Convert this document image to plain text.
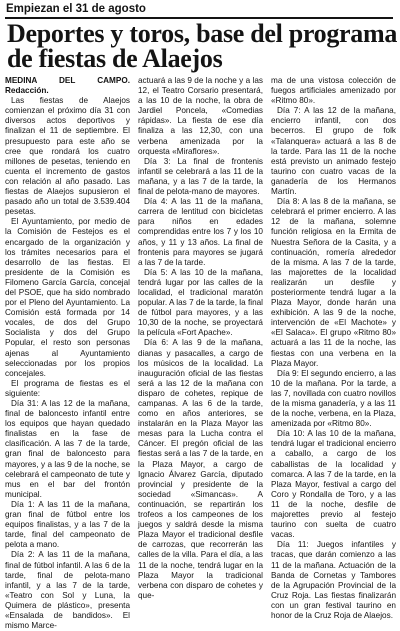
Empiezan el 31 de agosto
Deportes y toros, base del programa
de fiestas de Alaejos

MEDINA DEL CAMPO. Redacción.

Las fiestas de Alaejos comienzan el próximo día 31 con diversos actos deportivos y finalizan el 11 de septiembre. El presupuesto para este año se cree que rondará los cuatro millones de pesetas, teniendo en cuenta el incremento de gastos con relación al año pasado. Las fiestas de Alaejos supusieron el pasado año un total de 3.539.404 pesetas.

El Ayuntamiento, por medio de la Comisión de Festejos es el encargado de la organización y los trámites necesarios para el desarrollo de las fiestas. El presidente de la Comisión es Filomeno García García, concejal del PSOE, que ha sido nombrado por el Pleno del Ayuntamiento. La Comisión está formada por 14 vocales, de dos del Grupo Socialista y dos del Grupo Popular, el resto son personas ajenas al Ayuntamiento seleccionadas por los propios concejales.

El programa de fiestas es el siguiente:

Día 31: A las 12 de la mañana, final de baloncesto infantil entre los equipos que hayan quedado finalistas en la fase de clasificación. A las 7 de la tarde, gran final de baloncesto para mayores, y a las 9 de la noche, se celebrará el campeonato de tute y mus en el bar del frontón municipal.

Día 1: A las 11 de la mañana, gran final de fútbol entre los equipos finalistas, y a las 7 de la tarde, final del campeonato de pelota a mano.

Día 2: A las 11 de la mañana, final de fútbol infantil. A las 6 de la tarde, final de pelota-mano infantil, y a las 7 de la tarde, «Teatro con Sol y Luna, la Quimera de plástico», presenta «Ensalada de bandidos». El mismo Marce-

actuará a las 9 de la noche y a las 12, el Teatro Corsario presentará, a las 10 de la noche, la obra de Jardiel Poncela, «Comedias rápidas». La fiesta de ese día finaliza a las 12,30, con una verbena amenizada por la orquesta «Miraflores».

Día 3: La final de frontenis infantil se celebrará a las 11 de la mañana, y a las 7 de la tarde, la final de pelota-mano de mayores.

Día 4: A las 11 de la mañana, carrera de lentitud con bicicletas para niños en edades comprendidas entre los 7 y los 10 años, y 11 y 13 años. La final de frontenis para mayores se jugará a las 7 de la tarde.

Día 5: A las 10 de la mañana, tendrá lugar por las calles de la localidad, el tradicional maratón popular. A las 7 de la tarde, la final de fútbol para mayores, y a las 10,30 de la noche, se proyectará la película «Fort Apache».

Día 6: A las 9 de la mañana, dianas y pasacalles, a cargo de los músicos de la localidad. La inauguración oficial de las fiestas será a las 12 de la mañana con disparo de cohetes, repique de campanas. A las 6 de la tarde, como en años anteriores, se instalarán en la Plaza Mayor las mesas para la Lucha contra el Cáncer. El pregón oficial de las fiestas será a las 7 de la tarde, en la Plaza Mayor, a cargo de Ignacio Álvarez García, diputado provincial y presidente de la sociedad «Simancas». A continuación, se repartirán los trofeos a los campeones de los juegos y saldrá desde la misma Plaza Mayor el tradicional desfile de carrozas, que recorrerán las calles de la villa. Para el día, a las 11 de la noche, tendrá lugar en la Plaza Mayor la tradicional verbena con disparo de cohetes y que-

ma de una vistosa colección de fuegos artificiales amenizado por «Ritmo 80».

Día 7: A las 12 de la mañana, encierro infantil, con dos becerros. El grupo de folk «Talanquera» actuará a las 8 de la tarde. Para las 11 de la noche está previsto un animado festejo taurino con cuatro vacas de la ganadería de los Hermanos Martín.

Día 8: A las 8 de la mañana, se celebrará el primer encierro. A las 12 de la mañana, solemne función religiosa en la Ermita de Nuestra Señora de la Casita, y a continuación, romería alrededor de la misma. A las 7 de la tarde, las majorettes de la localidad realizarán un desfile y posteriormente tendrá lugar a la Plaza Mayor, donde harán una exhibición. A las 9 de la noche, intervención de «El Machote» y «El Salaca». El grupo «Ritmo 80» actuará a las 11 de la noche, las fiestas con una verbena en la Plaza Mayor.

Día 9: El segundo encierro, a las 10 de la mañana. Por la tarde, a las 7, novillada con cuatro novillos de la misma ganadería, y a las 11 de la noche, verbena, en la Plaza, amenizada por «Ritmo 80».

Día 10: A las 10 de la mañana, tendrá lugar el tradicional encierro a caballo, a cargo de los caballistas de la localidad y comarca. A las 7 de la tarde, en la Plaza Mayor, festival a cargo del Coro y Rondalla de Toro, y a las 11 de la noche, desfile de majorettes previo al festejo taurino con suelta de cuatro vacas.

Día 11: Juegos infantiles y tracas, que darán comienzo a las 11 de la mañana. Actuación de la Banda de Cornetas y Tambores de la Agrupación Provincial de la Cruz Roja. Las fiestas finalizarán con un gran festival taurino en honor de la Cruz Roja de Alaejos.
